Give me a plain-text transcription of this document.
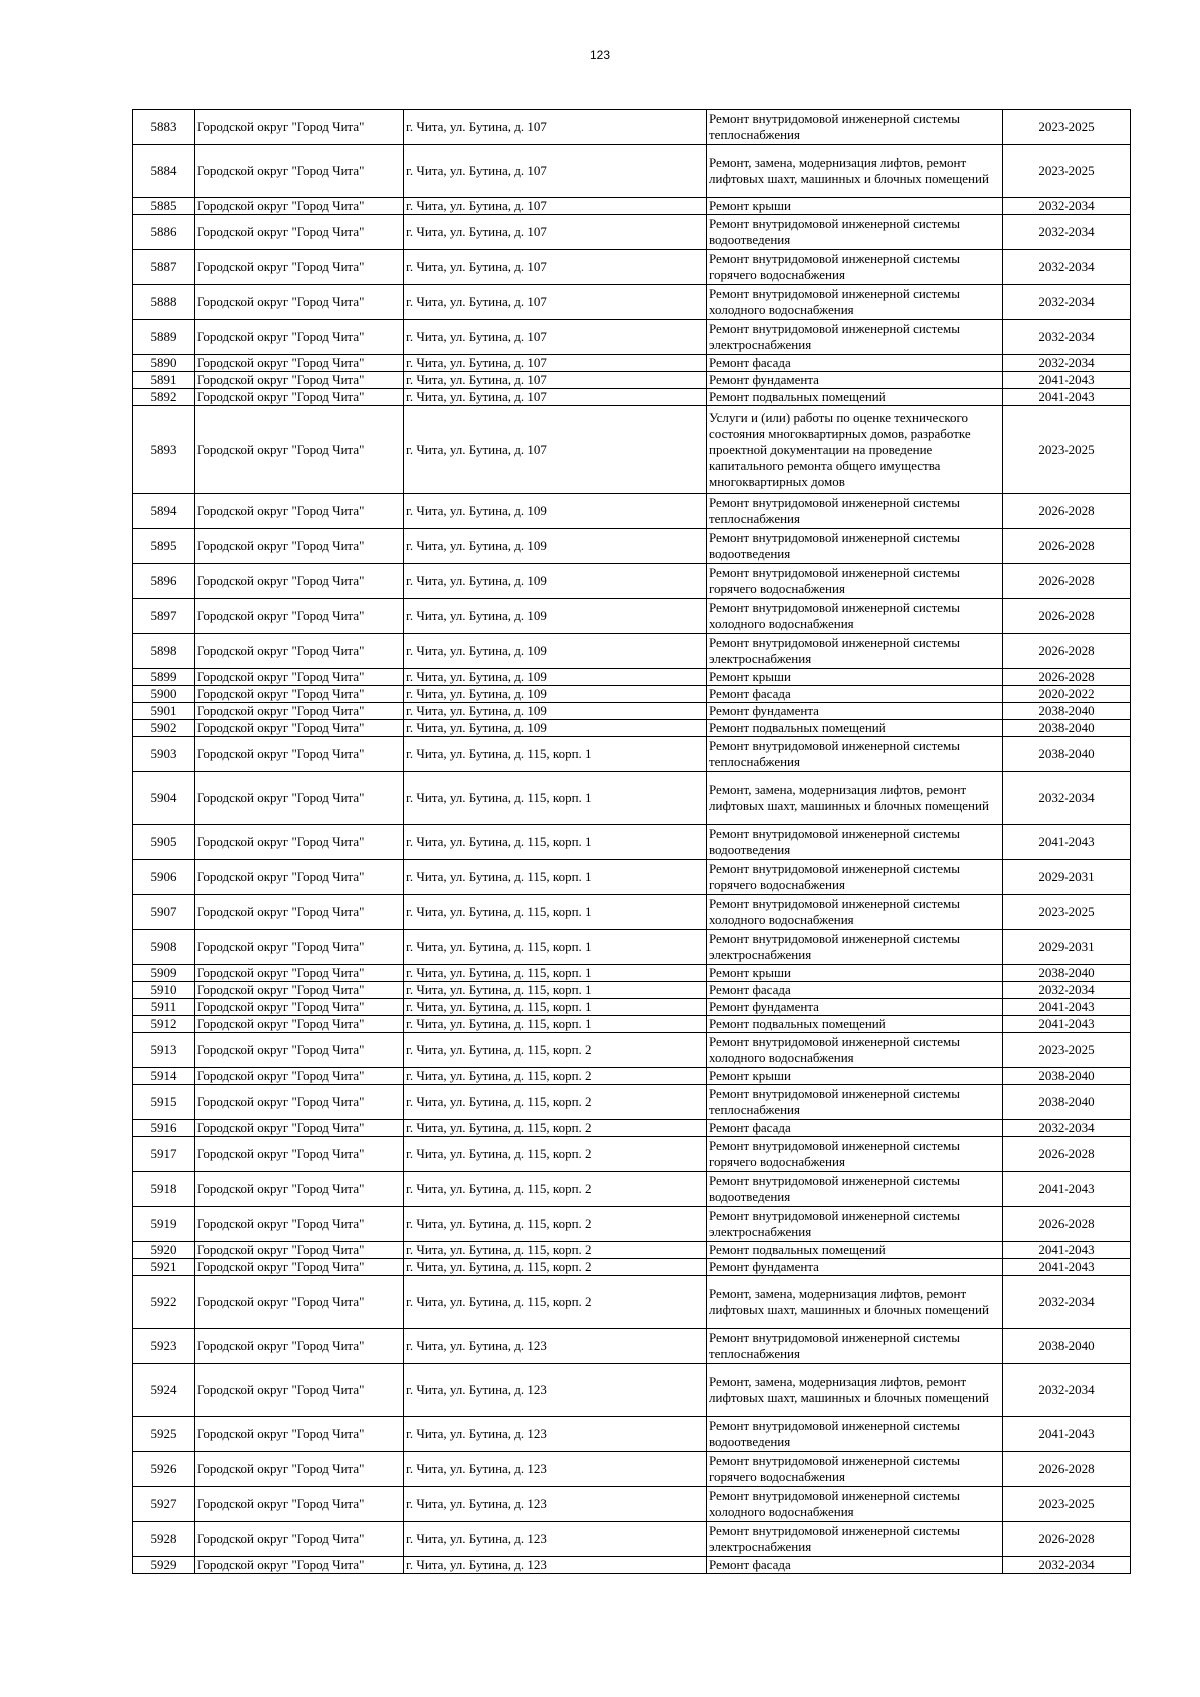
123
5883	Городской округ "Город Чита"	г. Чита, ул. Бутина, д. 107	Ремонт внутридомовой инженерной системы теплоснабжения	2023-2025
5884	Городской округ "Город Чита"	г. Чита, ул. Бутина, д. 107	Ремонт, замена, модернизация лифтов, ремонт лифтовых шахт, машинных и блочных помещений	2023-2025
5885	Городской округ "Город Чита"	г. Чита, ул. Бутина, д. 107	Ремонт крыши	2032-2034
5886	Городской округ "Город Чита"	г. Чита, ул. Бутина, д. 107	Ремонт внутридомовой инженерной системы водоотведения	2032-2034
5887	Городской округ "Город Чита"	г. Чита, ул. Бутина, д. 107	Ремонт внутридомовой инженерной системы горячего водоснабжения	2032-2034
5888	Городской округ "Город Чита"	г. Чита, ул. Бутина, д. 107	Ремонт внутридомовой инженерной системы холодного водоснабжения	2032-2034
5889	Городской округ "Город Чита"	г. Чита, ул. Бутина, д. 107	Ремонт внутридомовой инженерной системы электроснабжения	2032-2034
5890	Городской округ "Город Чита"	г. Чита, ул. Бутина, д. 107	Ремонт фасада	2032-2034
5891	Городской округ "Город Чита"	г. Чита, ул. Бутина, д. 107	Ремонт фундамента	2041-2043
5892	Городской округ "Город Чита"	г. Чита, ул. Бутина, д. 107	Ремонт подвальных помещений	2041-2043
5893	Городской округ "Город Чита"	г. Чита, ул. Бутина, д. 107	Услуги и (или) работы по оценке технического состояния многоквартирных домов, разработке проектной документации на проведение капитального ремонта общего имущества многоквартирных домов	2023-2025
5894	Городской округ "Город Чита"	г. Чита, ул. Бутина, д. 109	Ремонт внутридомовой инженерной системы теплоснабжения	2026-2028
5895	Городской округ "Город Чита"	г. Чита, ул. Бутина, д. 109	Ремонт внутридомовой инженерной системы водоотведения	2026-2028
5896	Городской округ "Город Чита"	г. Чита, ул. Бутина, д. 109	Ремонт внутридомовой инженерной системы горячего водоснабжения	2026-2028
5897	Городской округ "Город Чита"	г. Чита, ул. Бутина, д. 109	Ремонт внутридомовой инженерной системы холодного водоснабжения	2026-2028
5898	Городской округ "Город Чита"	г. Чита, ул. Бутина, д. 109	Ремонт внутридомовой инженерной системы электроснабжения	2026-2028
5899	Городской округ "Город Чита"	г. Чита, ул. Бутина, д. 109	Ремонт крыши	2026-2028
5900	Городской округ "Город Чита"	г. Чита, ул. Бутина, д. 109	Ремонт фасада	2020-2022
5901	Городской округ "Город Чита"	г. Чита, ул. Бутина, д. 109	Ремонт фундамента	2038-2040
5902	Городской округ "Город Чита"	г. Чита, ул. Бутина, д. 109	Ремонт подвальных помещений	2038-2040
5903	Городской округ "Город Чита"	г. Чита, ул. Бутина, д. 115, корп. 1	Ремонт внутридомовой инженерной системы теплоснабжения	2038-2040
5904	Городской округ "Город Чита"	г. Чита, ул. Бутина, д. 115, корп. 1	Ремонт, замена, модернизация лифтов, ремонт лифтовых шахт, машинных и блочных помещений	2032-2034
5905	Городской округ "Город Чита"	г. Чита, ул. Бутина, д. 115, корп. 1	Ремонт внутридомовой инженерной системы водоотведения	2041-2043
5906	Городской округ "Город Чита"	г. Чита, ул. Бутина, д. 115, корп. 1	Ремонт внутридомовой инженерной системы горячего водоснабжения	2029-2031
5907	Городской округ "Город Чита"	г. Чита, ул. Бутина, д. 115, корп. 1	Ремонт внутридомовой инженерной системы холодного водоснабжения	2023-2025
5908	Городской округ "Город Чита"	г. Чита, ул. Бутина, д. 115, корп. 1	Ремонт внутридомовой инженерной системы электроснабжения	2029-2031
5909	Городской округ "Город Чита"	г. Чита, ул. Бутина, д. 115, корп. 1	Ремонт крыши	2038-2040
5910	Городской округ "Город Чита"	г. Чита, ул. Бутина, д. 115, корп. 1	Ремонт фасада	2032-2034
5911	Городской округ "Город Чита"	г. Чита, ул. Бутина, д. 115, корп. 1	Ремонт фундамента	2041-2043
5912	Городской округ "Город Чита"	г. Чита, ул. Бутина, д. 115, корп. 1	Ремонт подвальных помещений	2041-2043
5913	Городской округ "Город Чита"	г. Чита, ул. Бутина, д. 115, корп. 2	Ремонт внутридомовой инженерной системы холодного водоснабжения	2023-2025
5914	Городской округ "Город Чита"	г. Чита, ул. Бутина, д. 115, корп. 2	Ремонт крыши	2038-2040
5915	Городской округ "Город Чита"	г. Чита, ул. Бутина, д. 115, корп. 2	Ремонт внутридомовой инженерной системы теплоснабжения	2038-2040
5916	Городской округ "Город Чита"	г. Чита, ул. Бутина, д. 115, корп. 2	Ремонт фасада	2032-2034
5917	Городской округ "Город Чита"	г. Чита, ул. Бутина, д. 115, корп. 2	Ремонт внутридомовой инженерной системы горячего водоснабжения	2026-2028
5918	Городской округ "Город Чита"	г. Чита, ул. Бутина, д. 115, корп. 2	Ремонт внутридомовой инженерной системы водоотведения	2041-2043
5919	Городской округ "Город Чита"	г. Чита, ул. Бутина, д. 115, корп. 2	Ремонт внутридомовой инженерной системы электроснабжения	2026-2028
5920	Городской округ "Город Чита"	г. Чита, ул. Бутина, д. 115, корп. 2	Ремонт подвальных помещений	2041-2043
5921	Городской округ "Город Чита"	г. Чита, ул. Бутина, д. 115, корп. 2	Ремонт фундамента	2041-2043
5922	Городской округ "Город Чита"	г. Чита, ул. Бутина, д. 115, корп. 2	Ремонт, замена, модернизация лифтов, ремонт лифтовых шахт, машинных и блочных помещений	2032-2034
5923	Городской округ "Город Чита"	г. Чита, ул. Бутина, д. 123	Ремонт внутридомовой инженерной системы теплоснабжения	2038-2040
5924	Городской округ "Город Чита"	г. Чита, ул. Бутина, д. 123	Ремонт, замена, модернизация лифтов, ремонт лифтовых шахт, машинных и блочных помещений	2032-2034
5925	Городской округ "Город Чита"	г. Чита, ул. Бутина, д. 123	Ремонт внутридомовой инженерной системы водоотведения	2041-2043
5926	Городской округ "Город Чита"	г. Чита, ул. Бутина, д. 123	Ремонт внутридомовой инженерной системы горячего водоснабжения	2026-2028
5927	Городской округ "Город Чита"	г. Чита, ул. Бутина, д. 123	Ремонт внутридомовой инженерной системы холодного водоснабжения	2023-2025
5928	Городской округ "Город Чита"	г. Чита, ул. Бутина, д. 123	Ремонт внутридомовой инженерной системы электроснабжения	2026-2028
5929	Городской округ "Город Чита"	г. Чита, ул. Бутина, д. 123	Ремонт фасада	2032-2034
